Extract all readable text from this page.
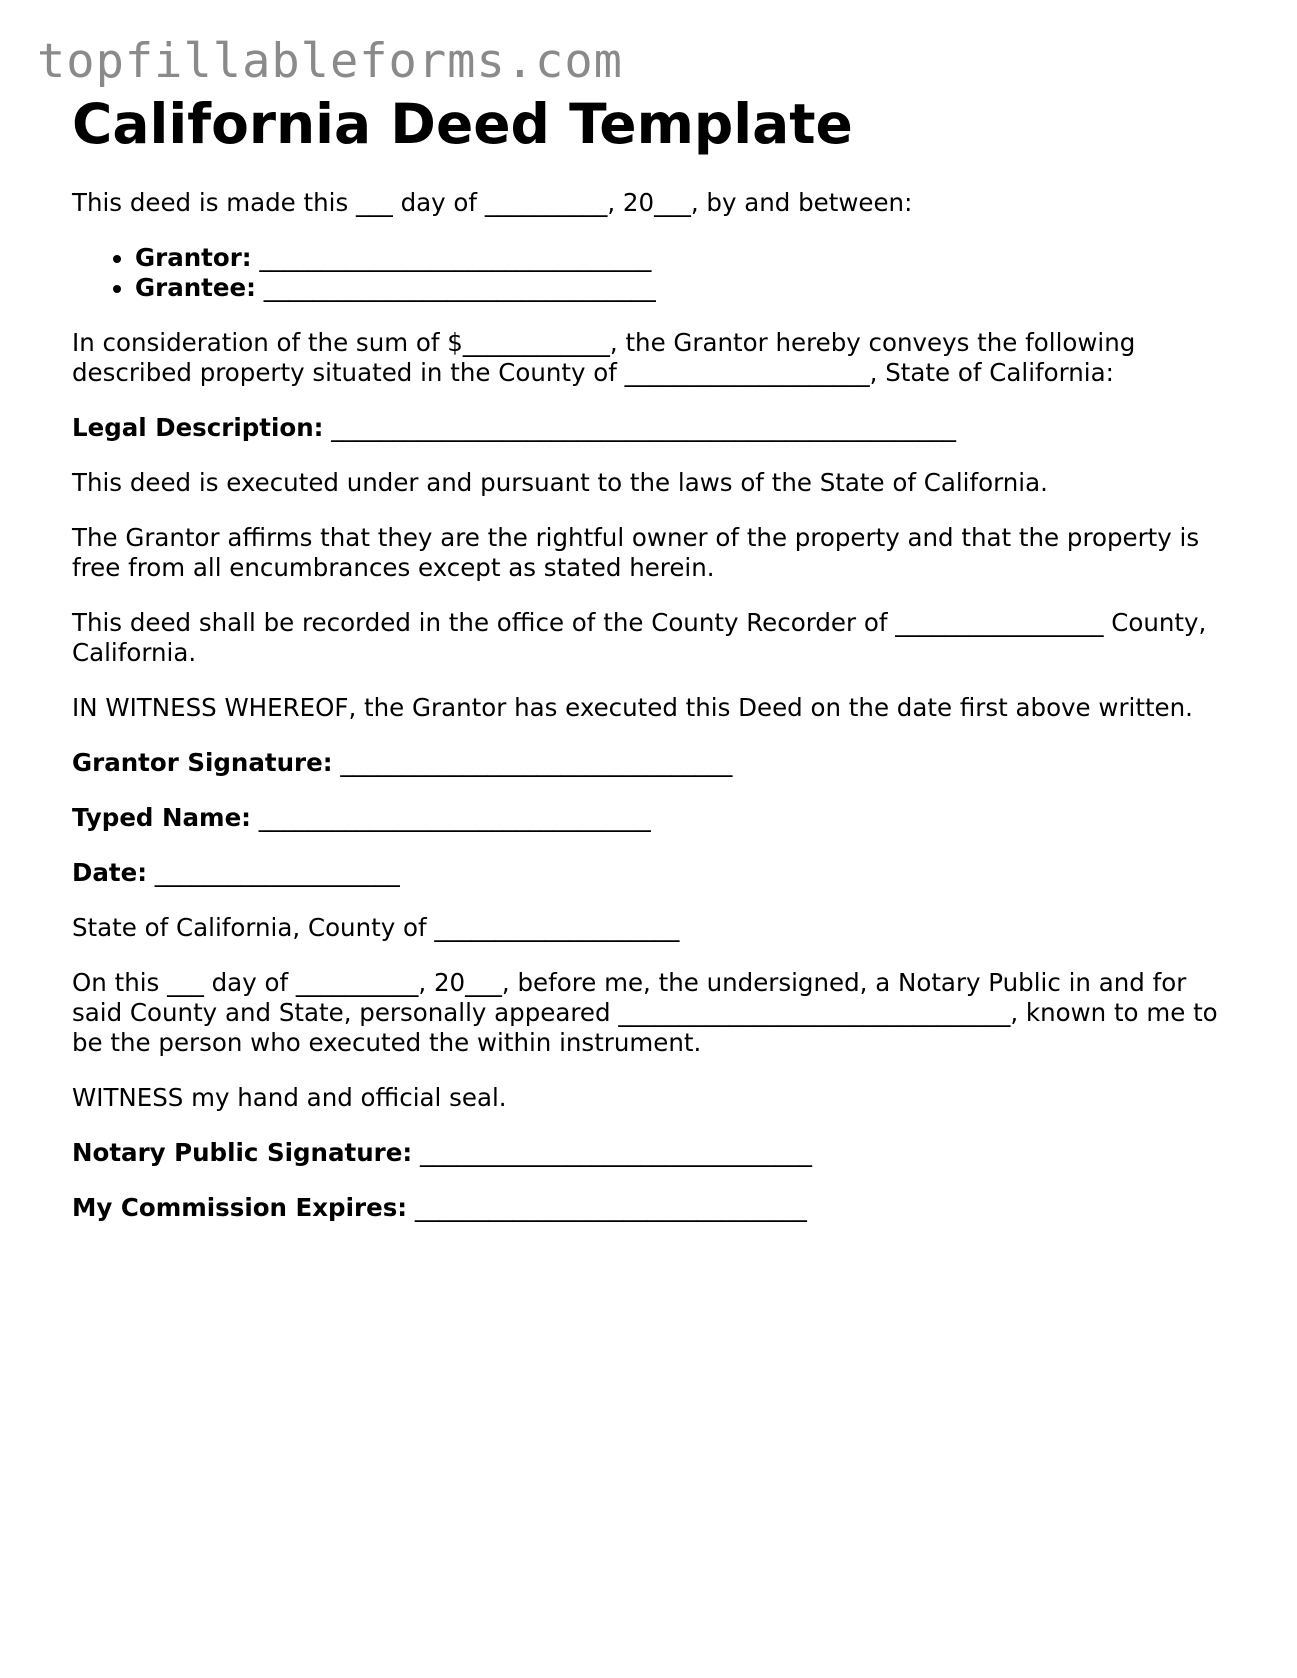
topfillableforms.com
California Deed Template

This deed is made this ___ day of __________, 20___, by and between:

• Grantor: ________________________________
• Grantee: ________________________________

In consideration of the sum of $____________, the Grantor hereby conveys the following described property situated in the County of ____________________, State of California:

Legal Description: ___________________________________________________

This deed is executed under and pursuant to the laws of the State of California.

The Grantor affirms that they are the rightful owner of the property and that the property is free from all encumbrances except as stated herein.

This deed shall be recorded in the office of the County Recorder of _________________ County, California.

IN WITNESS WHEREOF, the Grantor has executed this Deed on the date first above written.

Grantor Signature: ________________________________

Typed Name: ________________________________

Date: ____________________

State of California, County of ____________________

On this ___ day of __________, 20___, before me, the undersigned, a Notary Public in and for said County and State, personally appeared ________________________________, known to me to be the person who executed the within instrument.

WITNESS my hand and official seal.

Notary Public Signature: ________________________________

My Commission Expires: ________________________________
